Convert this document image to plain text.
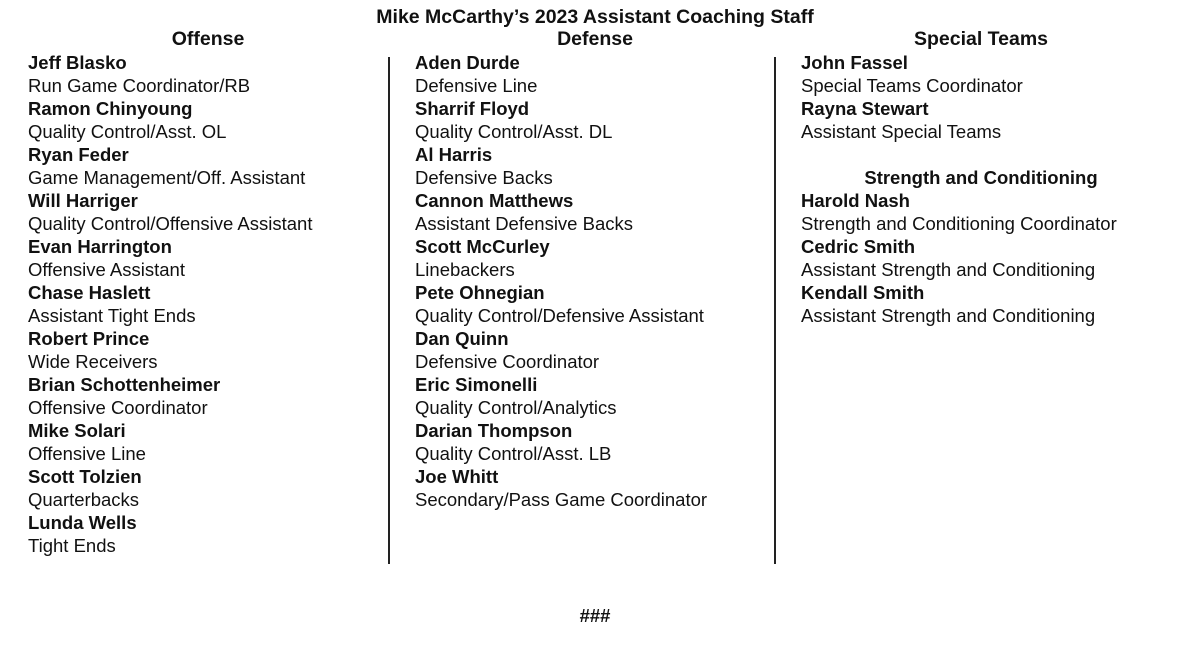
Mike McCarthy’s 2023 Assistant Coaching Staff
Offense
Jeff Blasko
Run Game Coordinator/RB
Ramon Chinyoung
Quality Control/Asst. OL
Ryan Feder
Game Management/Off. Assistant
Will Harriger
Quality Control/Offensive Assistant
Evan Harrington
Offensive Assistant
Chase Haslett
Assistant Tight Ends
Robert Prince
Wide Receivers
Brian Schottenheimer
Offensive Coordinator
Mike Solari
Offensive Line
Scott Tolzien
Quarterbacks
Lunda Wells
Tight Ends
Defense
Aden Durde
Defensive Line
Sharrif Floyd
Quality Control/Asst. DL
Al Harris
Defensive Backs
Cannon Matthews
Assistant Defensive Backs
Scott McCurley
Linebackers
Pete Ohnegian
Quality Control/Defensive Assistant
Dan Quinn
Defensive Coordinator
Eric Simonelli
Quality Control/Analytics
Darian Thompson
Quality Control/Asst. LB
Joe Whitt
Secondary/Pass Game Coordinator
Special Teams
John Fassel
Special Teams Coordinator
Rayna Stewart
Assistant Special Teams
Strength and Conditioning
Harold Nash
Strength and Conditioning Coordinator
Cedric Smith
Assistant Strength and Conditioning
Kendall Smith
Assistant Strength and Conditioning
###
